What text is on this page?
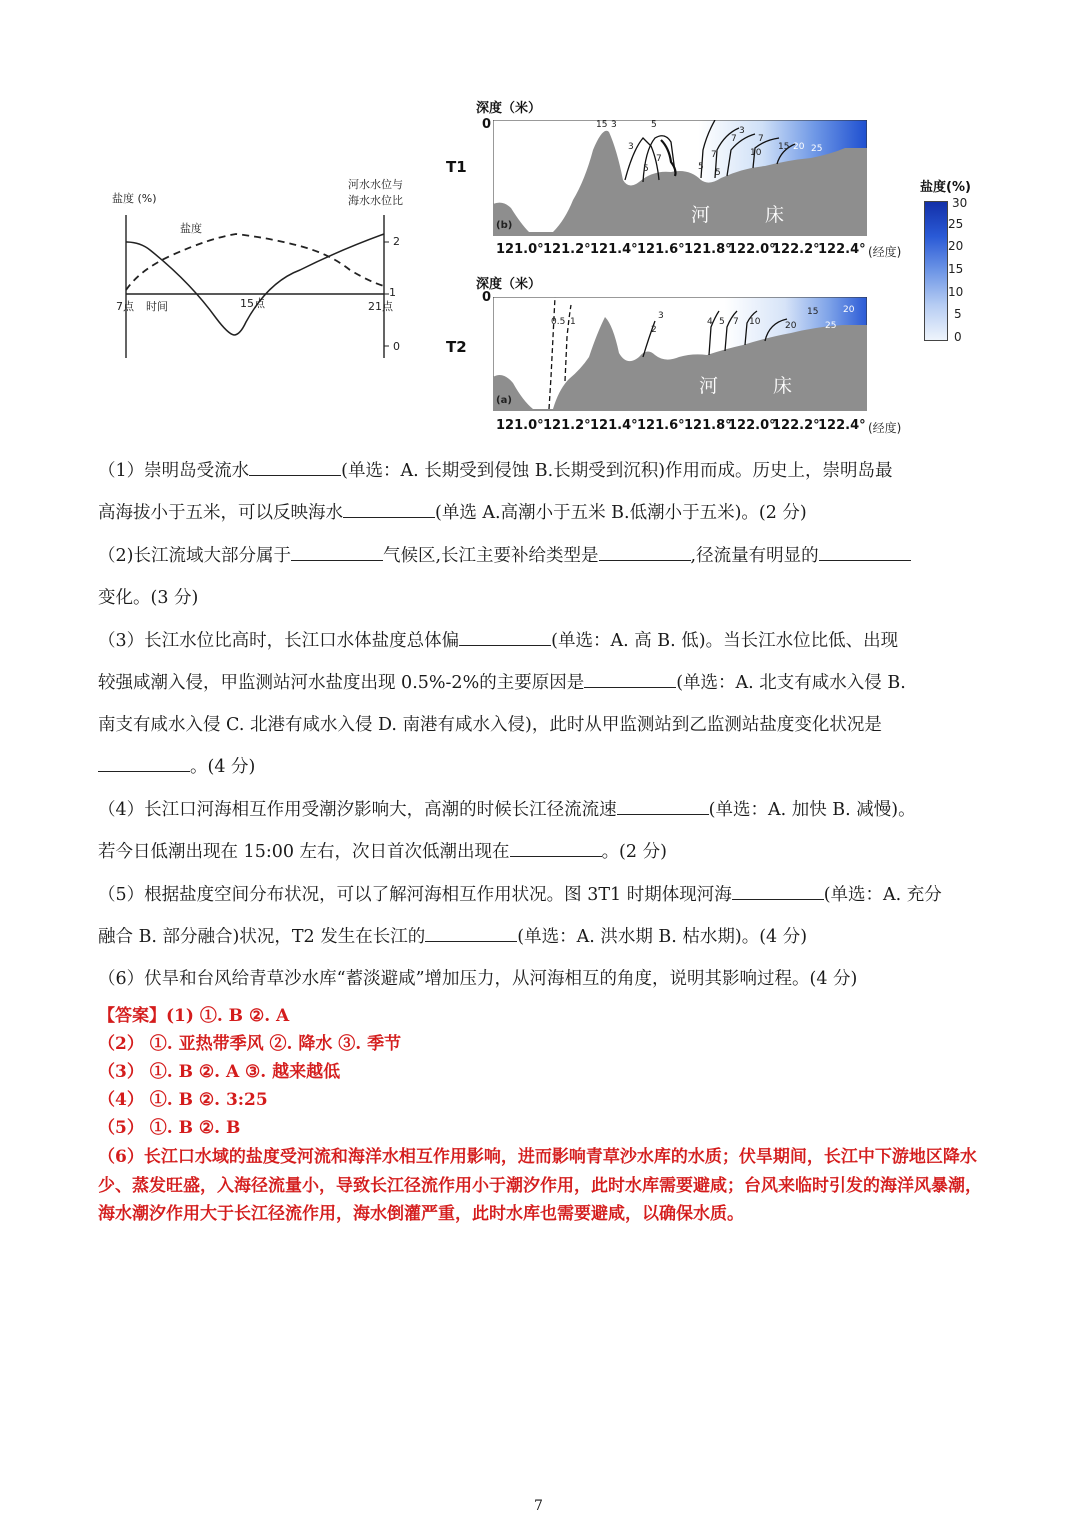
盐度 (%)
河水水位与
海水水位比
盐度
7点 时间	15点	21点
2
1
0
深度（米）
0
T1
15 3	5
3
5
7
5
7
5
7
3
7
10
15 20 25
(b)	河	床
121.0° 121.2° 121.4° 121.6° 121.8°
122.0°
122.2°
122.4° (经度)
盐度(%)
30
25
20
15
10
5
0
深度（米）
0
T2
0.5 1
2
3
4 5 7 10
15
20	25
20
(a)
河	床
121.0° 121.2° 121.4° 121.6° 121.8°
122.0°
122.2°
122.4° (经度)
（1）崇明岛受流水	(单选：A. 长期受到侵蚀 B.长期受到沉积)作用而成。历史上，崇明岛最
高海拔小于五米，可以反映海水	(单选 A.高潮小于五米 B.低潮小于五米)。(2 分)
（2)长江流域大部分属于	气候区,长江主要补给类型是	,径流量有明显的
变化。(3 分)
（3）长江水位比高时，长江口水体盐度总体偏	(单选：A. 高 B. 低)。当长江水位比低、出现
较强咸潮入侵，甲监测站河水盐度出现 0.5%-2%的主要原因是	(单选：A. 北支有咸水入侵 B.
南支有咸水入侵 C. 北港有咸水入侵 D. 南港有咸水入侵)，此时从甲监测站到乙监测站盐度变化状况是
。(4 分)
（4）长江口河海相互作用受潮汐影响大，高潮的时候长江径流流速	(单选：A. 加快 B. 减慢)。
若今日低潮出现在 15:00 左右，次日首次低潮出现在	。(2 分)
（5）根据盐度空间分布状况，可以了解河海相互作用状况。图 3T1 时期体现河海	(单选：A. 充分
融合 B. 部分融合)状况，T2 发生在长江的	(单选：A. 洪水期 B. 枯水期)。(4 分)
（6）伏旱和台风给青草沙水库“蓄淡避咸”增加压力，从河海相互的角度，说明其影响过程。(4 分)
【答案】(1) ①. B ②. A
（2） ①. 亚热带季风 ②. 降水 ③. 季节
（3） ①. B ②. A ③. 越来越低
（4） ①. B ②. 3:25
（5） ①. B ②. B
（6）长江口水域的盐度受河流和海洋水相互作用影响，进而影响青草沙水库的水质；伏旱期间，长江中下游地区降水少、蒸发旺盛，入海径流量小，导致长江径流作用小于潮汐作用，此时水库需要避咸；台风来临时引发的海洋风暴潮，海水潮汐作用大于长江径流作用，海水倒灌严重，此时水库也需要避咸，以确保水质。
7
